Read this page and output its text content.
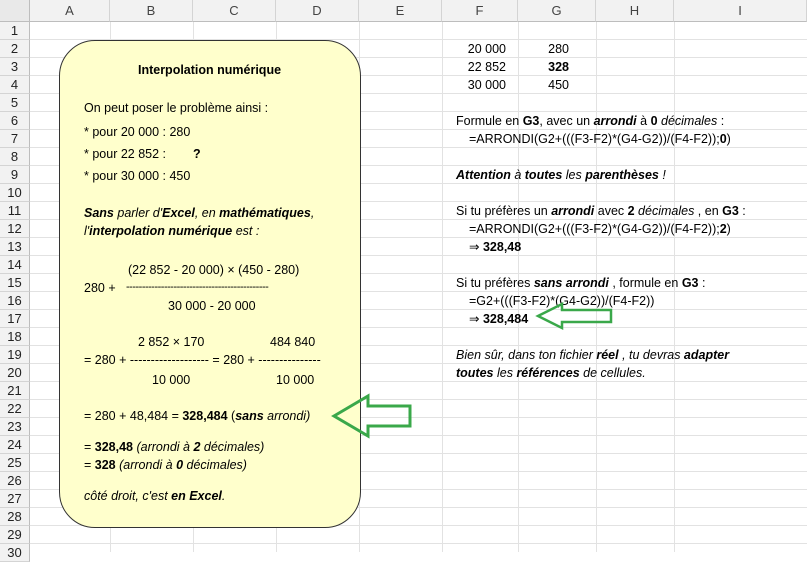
A	B	C	D	E	F	G	H	I
1
2
3
4
5
6
7
8
9
10
11
12
13
14
15
16
17
18
19
20
21
22
23
24
25
26
27
28
29
30
20 000	280
22 852	328
30 000	450
Formule en G3, avec un arrondi à 0 décimales :
=ARRONDI(G2+(((F3-F2)*(G4-G2))/(F4-F2));0)
Attention à toutes les parenthèses !
Si tu préfères un arrondi avec 2 décimales , en G3 :
=ARRONDI(G2+(((F3-F2)*(G4-G2))/(F4-F2));2)
⇒ 328,48
Si tu préfères sans arrondi , formule en G3 :
=G2+(((F3-F2)*(G4-G2))/(F4-F2))
⇒ 328,484
Bien sûr, dans ton fichier réel , tu devras adapter
toutes les références de cellules.
Interpolation numérique
On peut poser le problème ainsi :
* pour 20 000 : 280
* pour 22 852 : ?
* pour 30 000 : 450
Sans parler d'Excel, en mathématiques,
l'interpolation numérique est :
(22 852 - 20 000) × (450 - 280)
280 + ---------------------------------------------
30 000 - 20 000
2 852 × 170	484 840
= 280 + ------------------- = 280 + ---------------
10 000	10 000
= 280 + 48,484 = 328,484 (sans arrondi)
= 328,48 (arrondi à 2 décimales)
= 328 (arrondi à 0 décimales)
côté droit, c'est en Excel.
